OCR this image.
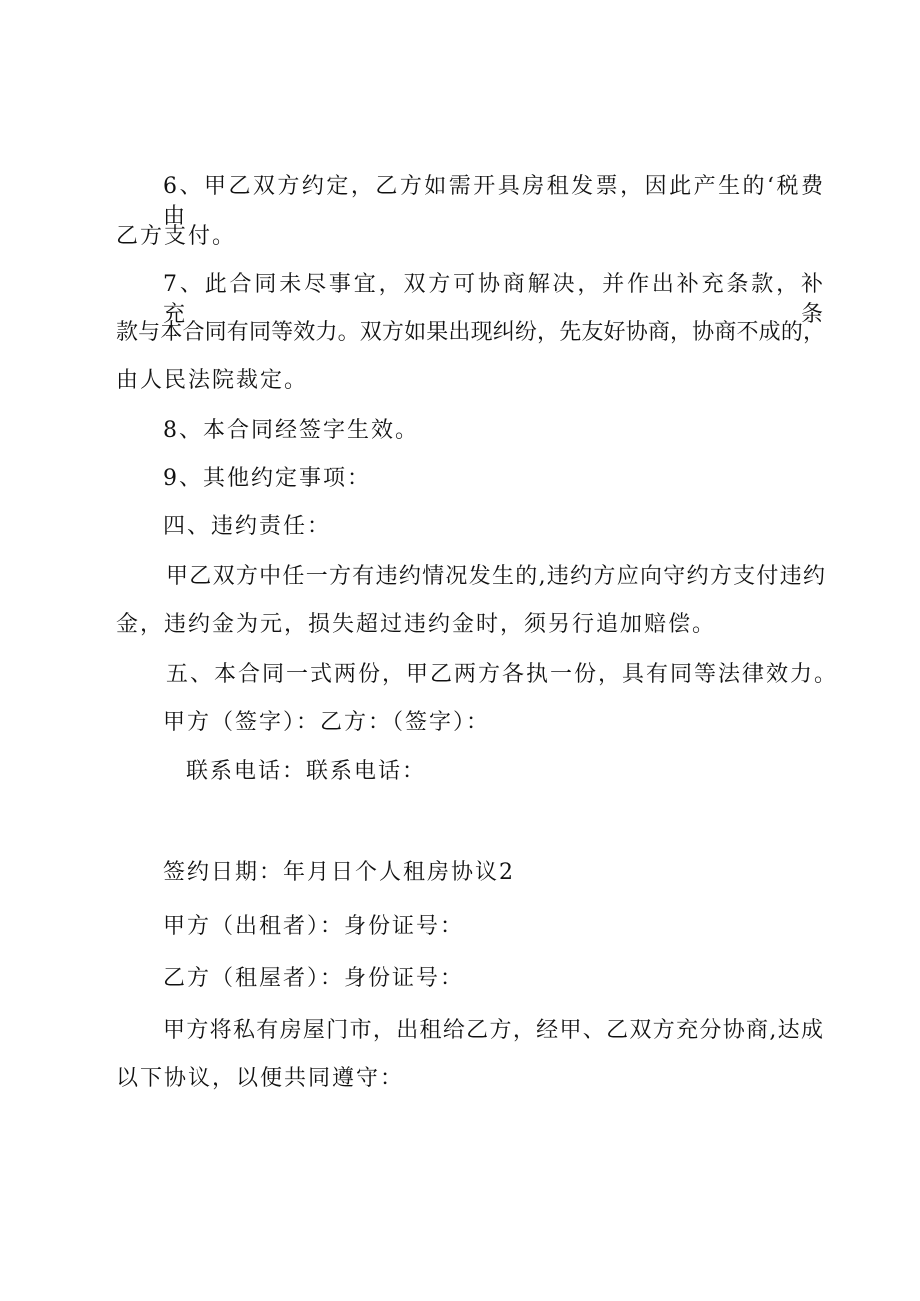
6、甲乙双方约定，乙方如需开具房租发票，因此产生的‘税费由
乙方支付。
7、此合同未尽事宜，双方可协商解决，并作出补充条款，补充条
款与本合同有同等效力。双方如果出现纠纷，先友好协商，协商不成的，
由人民法院裁定。
8、本合同经签字生效。
9、其他约定事项：
四、违约责任：
甲乙双方中任一方有违约情况发生的,违约方应向守约方支付违约
金，违约金为元，损失超过违约金时，须另行追加赔偿。
五、本合同一式两份，甲乙两方各执一份，具有同等法律效力。
甲方（签字）：乙方：（签字）：
联系电话：联系电话：
签约日期：年月日个人租房协议2
甲方（出租者）：身份证号：
乙方（租屋者）：身份证号：
甲方将私有房屋门市，出租给乙方，经甲、乙双方充分协商,达成
以下协议，以便共同遵守：
